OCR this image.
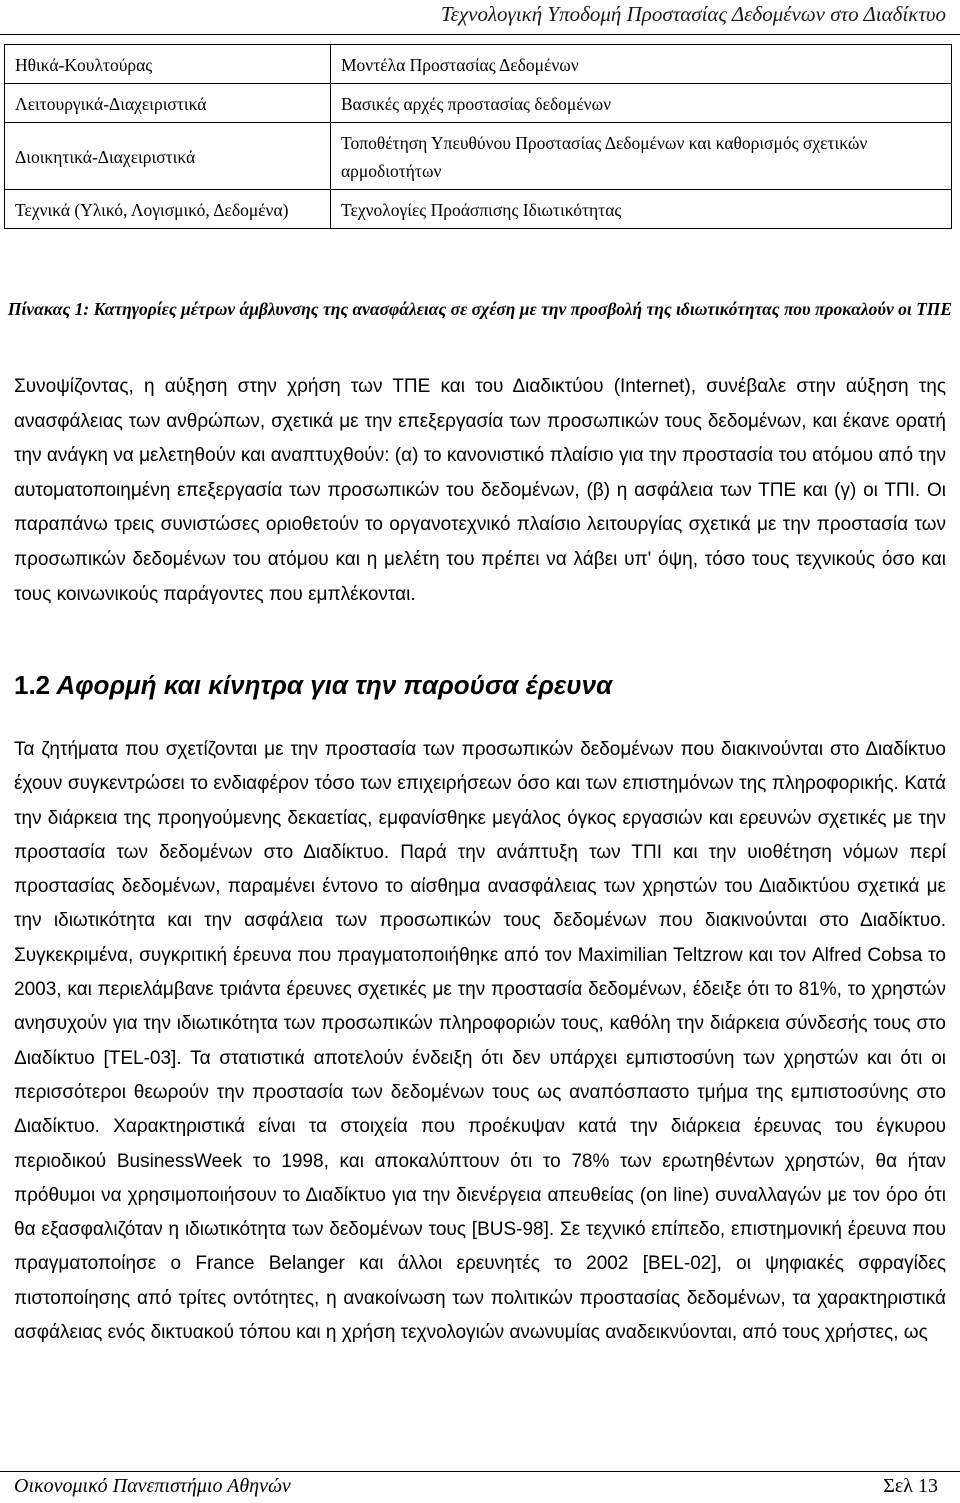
Τεχνολογική Υποδομή Προστασίας Δεδομένων στο Διαδίκτυο
Ηθικά-Κουλτούρας	Μοντέλα Προστασίας Δεδομένων
Λειτουργικά-Διαχειριστικά	Βασικές αρχές προστασίας δεδομένων
Διοικητικά-Διαχειριστικά	Τοποθέτηση Υπευθύνου Προστασίας Δεδομένων και καθορισμός σχετικών αρμοδιοτήτων
Τεχνικά (Υλικό, Λογισμικό, Δεδομένα)	Τεχνολογίες Προάσπισης Ιδιωτικότητας
Πίνακας 1: Κατηγορίες μέτρων άμβλυνσης της ανασφάλειας σε σχέση με την προσβολή της ιδιωτικότητας που προκαλούν οι ΤΠΕ

Συνοψίζοντας, η αύξηση στην χρήση των ΤΠΕ και του Διαδικτύου (Internet), συνέβαλε στην αύξηση της ανασφάλειας των ανθρώπων, σχετικά με την επεξεργασία των προσωπικών τους δεδομένων, και έκανε ορατή την ανάγκη να μελετηθούν και αναπτυχθούν: (α) το κανονιστικό πλαίσιο για την προστασία του ατόμου από την αυτοματοποιημένη επεξεργασία των προσωπικών του δεδομένων, (β) η ασφάλεια των ΤΠΕ και (γ) οι ΤΠΙ. Οι παραπάνω τρεις συνιστώσες οριοθετούν το οργανοτεχνικό πλαίσιο λειτουργίας σχετικά με την προστασία των προσωπικών δεδομένων του ατόμου και η μελέτη του πρέπει να λάβει υπ' όψη, τόσο τους τεχνικούς όσο και τους κοινωνικούς παράγοντες που εμπλέκονται.

1.2 Αφορμή και κίνητρα για την παρούσα έρευνα

Τα ζητήματα που σχετίζονται με την προστασία των προσωπικών δεδομένων που διακινούνται στο Διαδίκτυο έχουν συγκεντρώσει το ενδιαφέρον τόσο των επιχειρήσεων όσο και των επιστημόνων της πληροφορικής. Κατά την διάρκεια της προηγούμενης δεκαετίας, εμφανίσθηκε μεγάλος όγκος εργασιών και ερευνών σχετικές με την προστασία των δεδομένων στο Διαδίκτυο. Παρά την ανάπτυξη των ΤΠΙ και την υιοθέτηση νόμων περί προστασίας δεδομένων, παραμένει έντονο το αίσθημα ανασφάλειας των χρηστών του Διαδικτύου σχετικά με την ιδιωτικότητα και την ασφάλεια των προσωπικών τους δεδομένων που διακινούνται στο Διαδίκτυο. Συγκεκριμένα, συγκριτική έρευνα που πραγματοποιήθηκε από τον Maximilian Teltzrow και τον Alfred Cobsa το 2003, και περιελάμβανε τριάντα έρευνες σχετικές με την προστασία δεδομένων, έδειξε ότι το 81%, το χρηστών ανησυχούν για την ιδιωτικότητα των προσωπικών πληροφοριών τους, καθόλη την διάρκεια σύνδεσής τους στο Διαδίκτυο [TEL-03]. Τα στατιστικά αποτελούν ένδειξη ότι δεν υπάρχει εμπιστοσύνη των χρηστών και ότι οι περισσότεροι θεωρούν την προστασία των δεδομένων τους ως αναπόσπαστο τμήμα της εμπιστοσύνης στο Διαδίκτυο. Χαρακτηριστικά είναι τα στοιχεία που προέκυψαν κατά την διάρκεια έρευνας του έγκυρου περιοδικού BusinessWeek το 1998, και αποκαλύπτουν ότι το 78% των ερωτηθέντων χρηστών, θα ήταν πρόθυμοι να χρησιμοποιήσουν το Διαδίκτυο για την διενέργεια απευθείας (on line) συναλλαγών με τον όρο ότι θα εξασφαλιζόταν η ιδιωτικότητα των δεδομένων τους [BUS-98]. Σε τεχνικό επίπεδο, επιστημονική έρευνα που πραγματοποίησε ο France Belanger και άλλοι ερευνητές το 2002 [BEL-02], οι ψηφιακές σφραγίδες πιστοποίησης από τρίτες οντότητες, η ανακοίνωση των πολιτικών προστασίας δεδομένων, τα χαρακτηριστικά ασφάλειας ενός δικτυακού τόπου και η χρήση τεχνολογιών ανωνυμίας αναδεικνύονται, από τους χρήστες, ως

Οικονομικό Πανεπιστήμιο Αθηνών	Σελ 13
